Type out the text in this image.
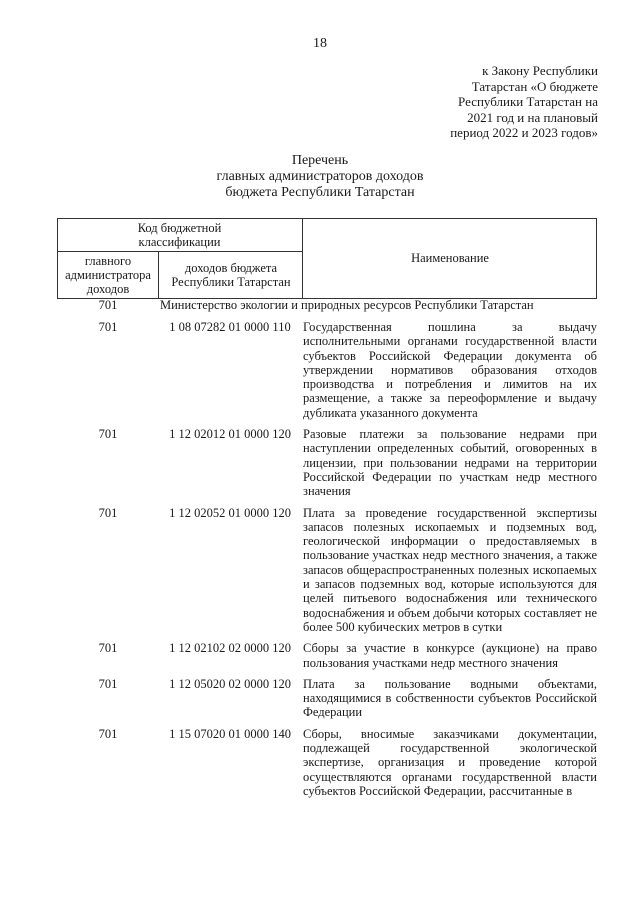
18
к Закону Республики
Татарстан «О бюджете
Республики Татарстан на
2021 год и на плановый
период 2022 и 2023 годов»
Перечень
главных администраторов доходов
бюджета Республики Татарстан
Код бюджетной классификации
главного администратора доходов
доходов бюджета Республики Татарстан
Наименование
701	Министерство экологии и природных ресурсов Республики Татарстан
701	1 08 07282 01 0000 110 Государственная пошлина за выдачу исполнительными органами государственной власти субъектов Российской Федерации документа об утверждении нормативов образования отходов производства и потребления и лимитов на их размещение, а также за переоформление и выдачу дубликата указанного документа
701	1 12 02012 01 0000 120 Разовые платежи за пользование недрами при наступлении определенных событий, оговоренных в лицензии, при пользовании недрами на территории Российской Федерации по участкам недр местного значения
701	1 12 02052 01 0000 120 Плата за проведение государственной экспертизы запасов полезных ископаемых и подземных вод, геологической информации о предоставляемых в пользование участках недр местного значения, а также запасов общераспространенных полезных ископаемых и запасов подземных вод, которые используются для целей питьевого водоснабжения или технического водоснабжения и объем добычи которых составляет не более 500 кубических метров в сутки
701	1 12 02102 02 0000 120 Сборы за участие в конкурсе (аукционе) на право пользования участками недр местного значения
701	1 12 05020 02 0000 120 Плата за пользование водными объектами, находящимися в собственности субъектов Российской Федерации
701	1 15 07020 01 0000 140 Сборы, вносимые заказчиками документации, подлежащей государственной экологической экспертизе, организация и проведение которой осуществляются органами государственной власти субъектов Российской Федерации, рассчитанные в
